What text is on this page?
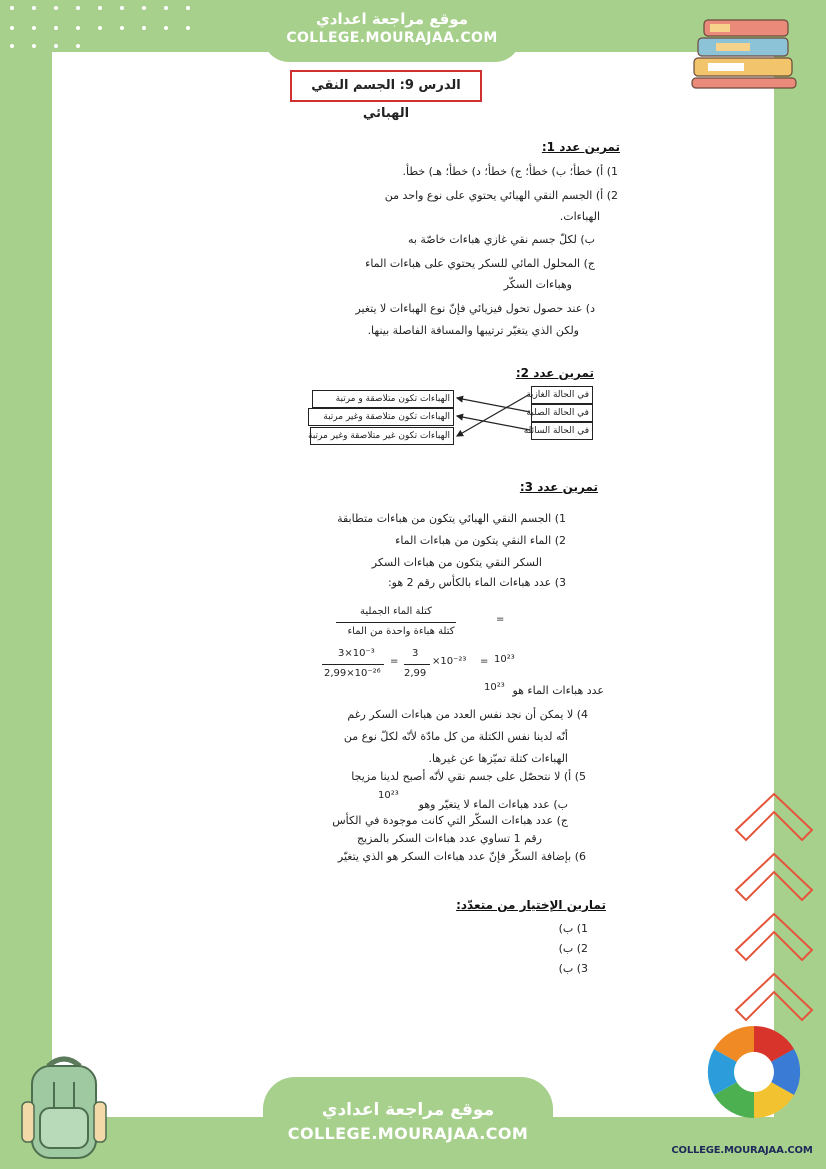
موقع مراجعة اعدادي
COLLEGE.MOURAJAA.COM
الدرس 9: الجسم النقي الهبائي
تمرين عدد 1:
1) أ) خطأ؛ ب) خطأ؛ ج) خطأ؛ د) خطأ؛ هـ) خطأ.
2) أ) الجسم النقي الهبائي يحتوي على نوع واحد من
الهباءات.
ب) لكلّ جسم نقي غازي هباءات خاصّة به
ج) المحلول المائي للسكر يحتوي على هباءات الماء
وهباءات السكّر
د) عند حصول تحول فيزيائي فإنّ نوع الهباءات لا يتغير
ولكن الذي يتغيّر ترتيبها والمسافة الفاصلة بينها.
تمرين عدد 2:
في الحالة الغازية
في الحالة الصلبة
في الحالة السائلة
الهباءات تكون متلاصقة و مرتبة
الهباءات تكون متلاصقة وغير مرتبة
الهباءات تكون غير متلاصقة وغير مرتبة
تمرين عدد 3:
1) الجسم النقي الهبائي يتكون من هباءات متطابقة
2) الماء النقي يتكون من هباءات الماء
السكر النقي يتكون من هباءات السكر
3) عدد هباءات الماء بالكأس رقم 2 هو:
كتلة الماء الجملية
كتلة هباءة واحدة من الماء
=
3×10⁻³
2,99×10⁻²⁶
=
3
2,99
×10⁻²³ = 10²³
عدد هباءات الماء هو
10²³
4) لا يمكن أن نجد نفس العدد من هباءات السكر رغم
أنّه لدينا نفس الكتلة من كل مادّة لأنّه لكلّ نوع من
الهباءات كتلة تميّزها عن غيرها.
5) أ) لا نتحصّل على جسم نقي لأنّه أصبح لدينا مزيجا
ب) عدد هباءات الماء لا يتغيّر وهو
10²³
ج) عدد هباءات السكّر التي كانت موجودة في الكأس
رقم 1 تساوي عدد هباءات السكر بالمزيج
6) بإضافة السكّر فإنّ عدد هباءات السكر هو الذي يتغيّر
تمارين الإختيار من متعدّد:
1) ب)
2) ب)
3) ب)
COLLEGE.MOURAJAA.COM
موقع مراجعة اعدادي
COLLEGE.MOURAJAA.COM
